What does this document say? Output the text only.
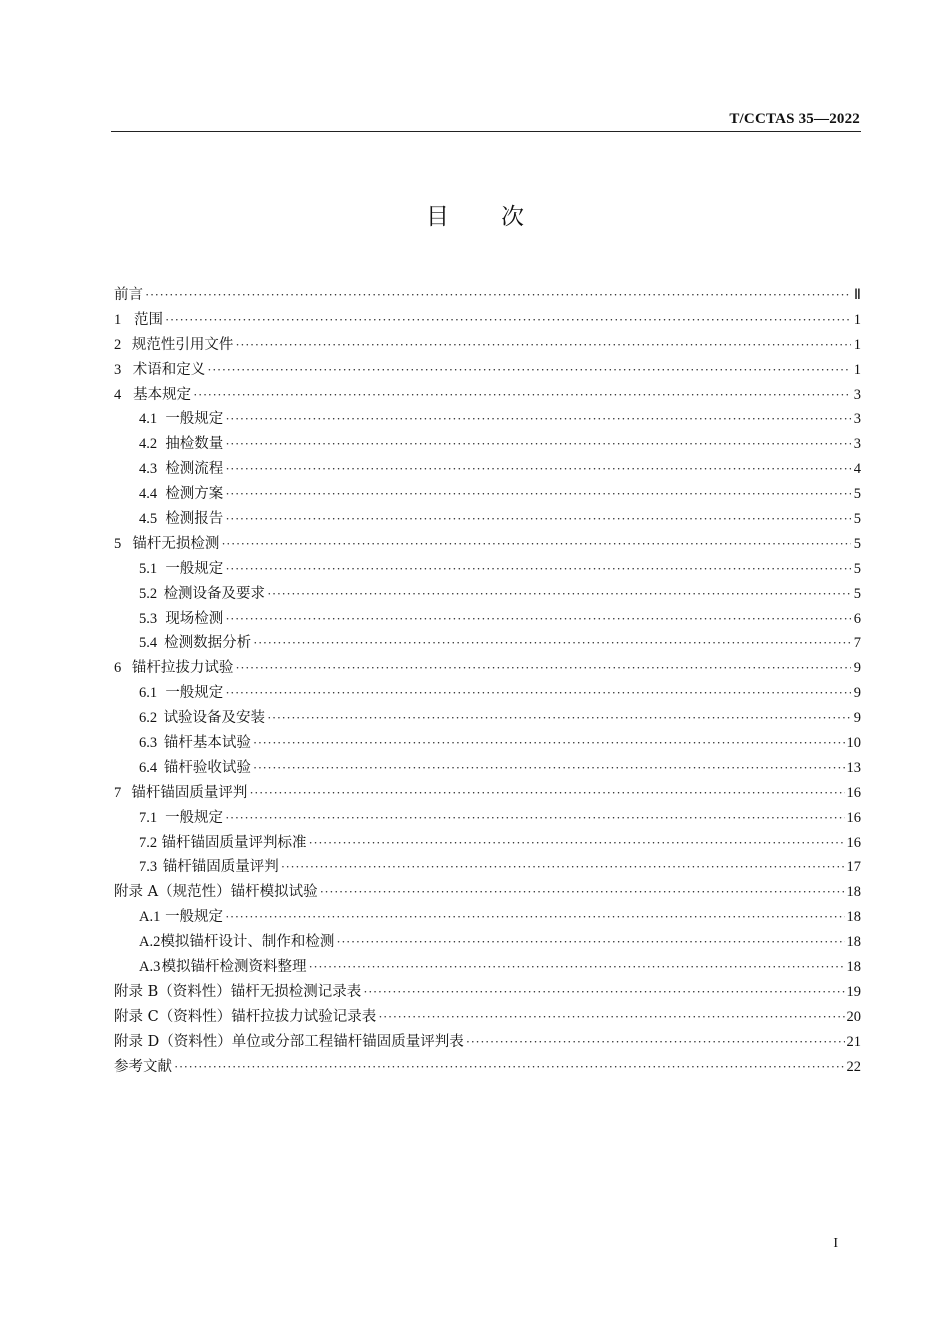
T/CCTAS 35—2022
目 次
前言 ·····	Ⅱ
1 范围 ·····	1
2 规范性引用文件 ·····	1
3 术语和定义 ·····	1
4 基本规定 ·····	3
4.1 一般规定 ·····	3
4.2 抽检数量 ·····	3
4.3 检测流程 ·····	4
4.4 检测方案 ·····	5
4.5 检测报告 ·····	5
5 锚杆无损检测 ·····	5
5.1 一般规定 ·····	5
5.2 检测设备及要求 ·····	5
5.3 现场检测 ·····	6
5.4 检测数据分析 ·····	7
6 锚杆拉拔力试验 ·····	9
6.1 一般规定 ·····	9
6.2 试验设备及安装 ·····	9
6.3 锚杆基本试验 ·····	10
6.4 锚杆验收试验 ·····	13
7 锚杆锚固质量评判 ·····	16
7.1 一般规定 ·····	16
7.2 锚杆锚固质量评判标准 ·····	16
7.3 锚杆锚固质量评判 ·····	17
附录 A（规范性）锚杆模拟试验 ·····	18
A.1 一般规定 ·····	18
A.2 模拟锚杆设计、制作和检测 ·····	18
A.3 模拟锚杆检测资料整理 ·····	18
附录 B（资料性）锚杆无损检测记录表 ·····	19
附录 C（资料性）锚杆拉拔力试验记录表 ·····	20
附录 D（资料性）单位或分部工程锚杆锚固质量评判表 ·····	21
参考文献 ·····	22
I
